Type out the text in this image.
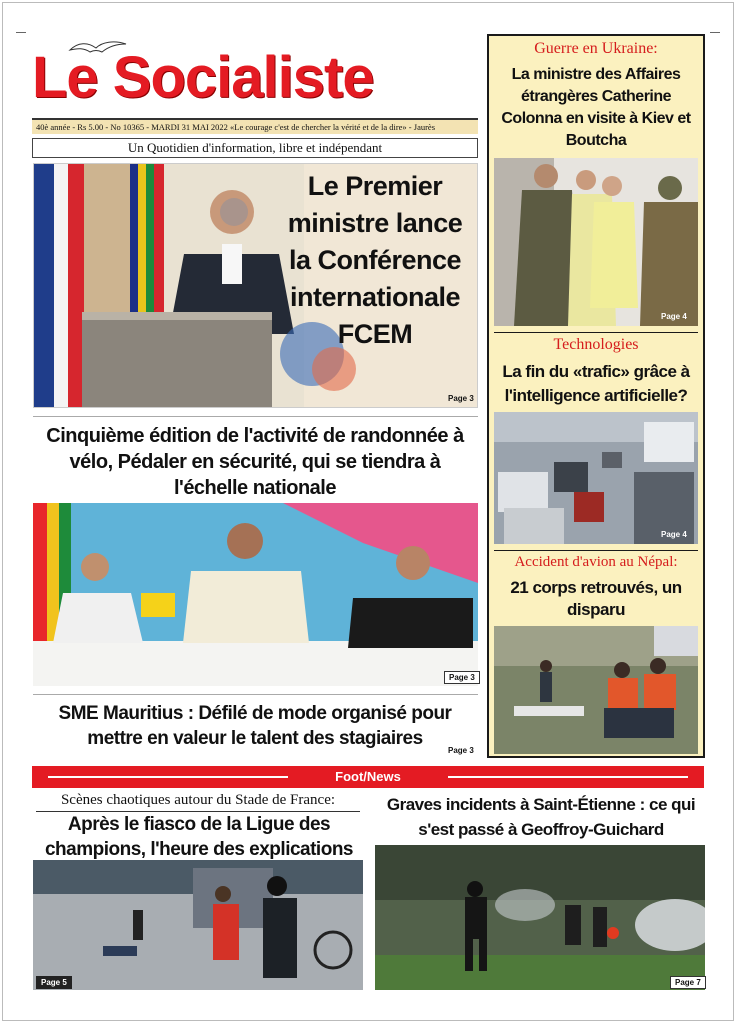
Le Socialiste
40è année - Rs 5.00 - No 10365 - MARDI 31 MAI 2022 «Le courage c'est de chercher la vérité et de la dire» - Jaurès
Un Quotidien d'information, libre et indépendant
Le Premier ministre lance la Conférence internationale FCEM
Page 3
Cinquième édition de l'activité de randonnée à vélo, Pédaler en sécurité, qui se tiendra à l'échelle nationale
Page 3
SME Mauritius : Défilé de mode organisé pour mettre en valeur le talent des stagiaires
Page 3
Guerre en Ukraine:
La ministre des Affaires étrangères Catherine Colonna en visite à Kiev et Boutcha
Page 4
Technologies
La fin du «trafic» grâce à l'intelligence artificielle?
Page 4
Accident d'avion au Népal:
21 corps retrouvés, un disparu
Foot/News
Scènes chaotiques autour du Stade de France:
Après le fiasco de la Ligue des champions, l'heure des explications
Page 5
Graves incidents à Saint-Étienne : ce qui s'est passé à Geoffroy-Guichard
Page 7
